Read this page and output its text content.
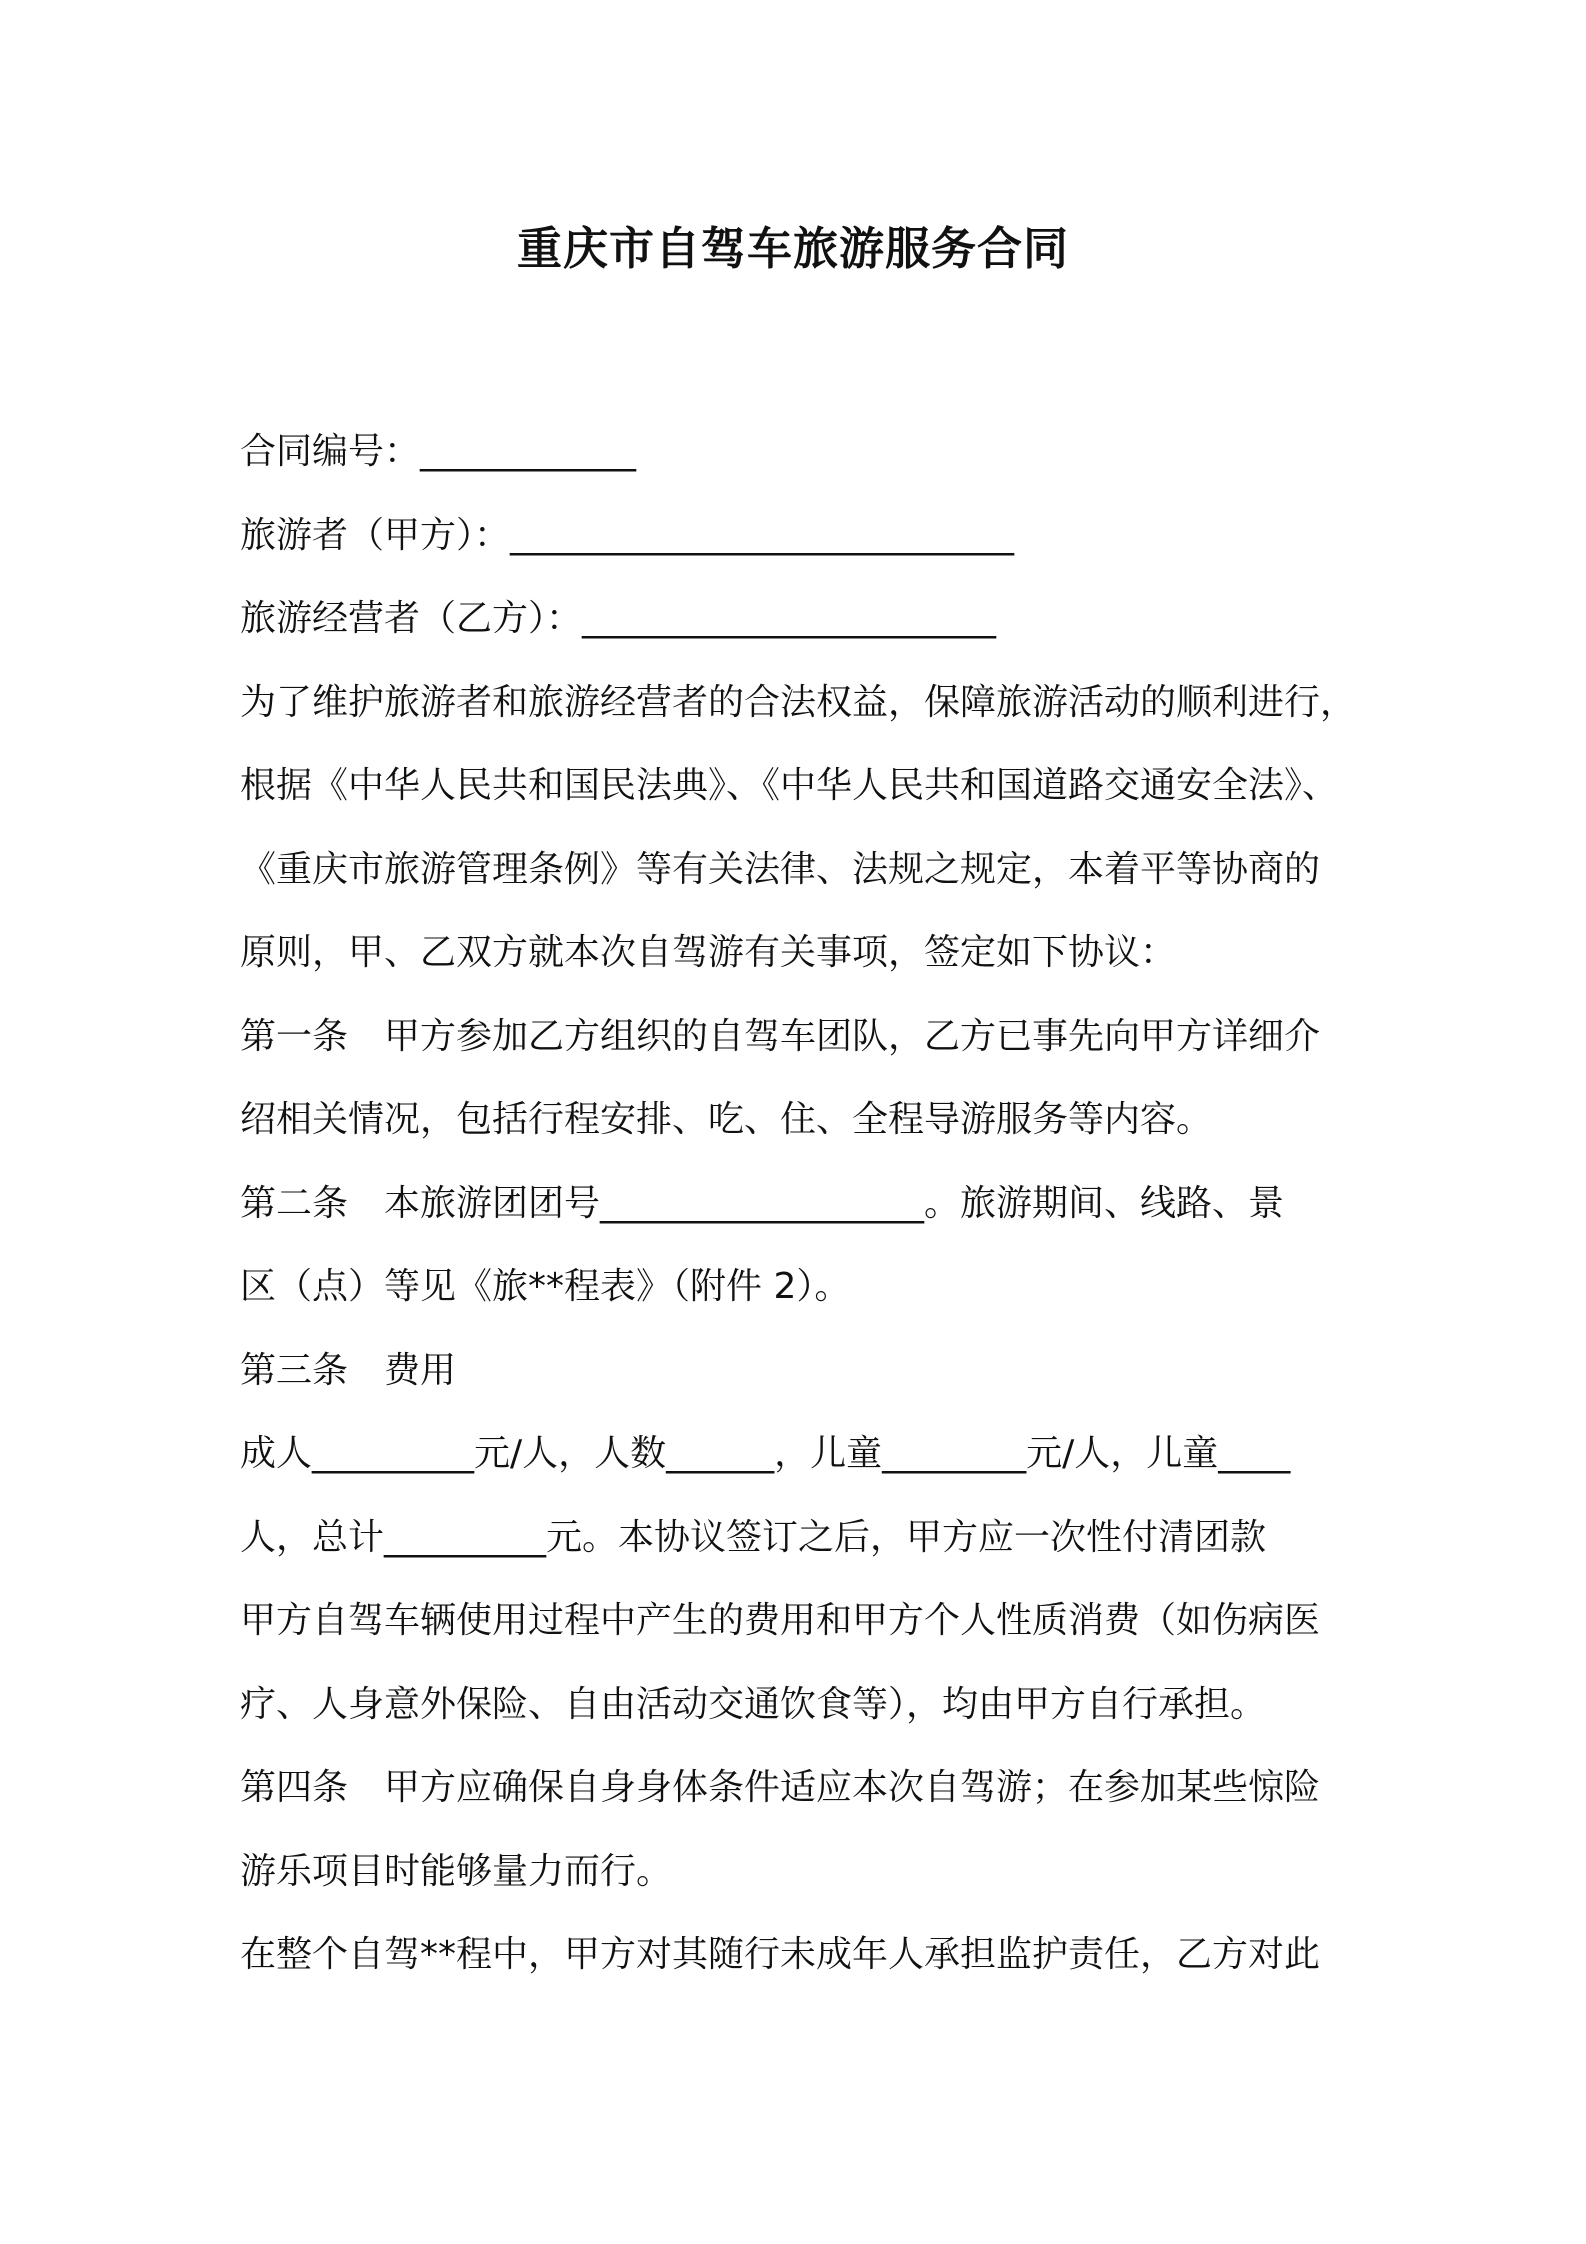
重庆市自驾车旅游服务合同

合同编号：____________

旅游者（甲方）：____________________________

旅游经营者（乙方）：_______________________

为了维护旅游者和旅游经营者的合法权益，保障旅游活动的顺利进行，

根据《中华人民共和国民法典》、《中华人民共和国道路交通安全法》、

《重庆市旅游管理条例》等有关法律、法规之规定，本着平等协商的

原则，甲、乙双方就本次自驾游有关事项，签定如下协议：

第一条　甲方参加乙方组织的自驾车团队，乙方已事先向甲方详细介

绍相关情况，包括行程安排、吃、住、全程导游服务等内容。

第二条　本旅游团团号__________________。旅游期间、线路、景

区（点）等见《旅**程表》（附件 2）。

第三条　费用

成人_________元/人，人数______，儿童________元/人，儿童____

人，总计_________元。本协议签订之后，甲方应一次性付清团款

甲方自驾车辆使用过程中产生的费用和甲方个人性质消费（如伤病医

疗、人身意外保险、自由活动交通饮食等），均由甲方自行承担。

第四条　甲方应确保自身身体条件适应本次自驾游；在参加某些惊险

游乐项目时能够量力而行。

在整个自驾**程中，甲方对其随行未成年人承担监护责任，乙方对此
